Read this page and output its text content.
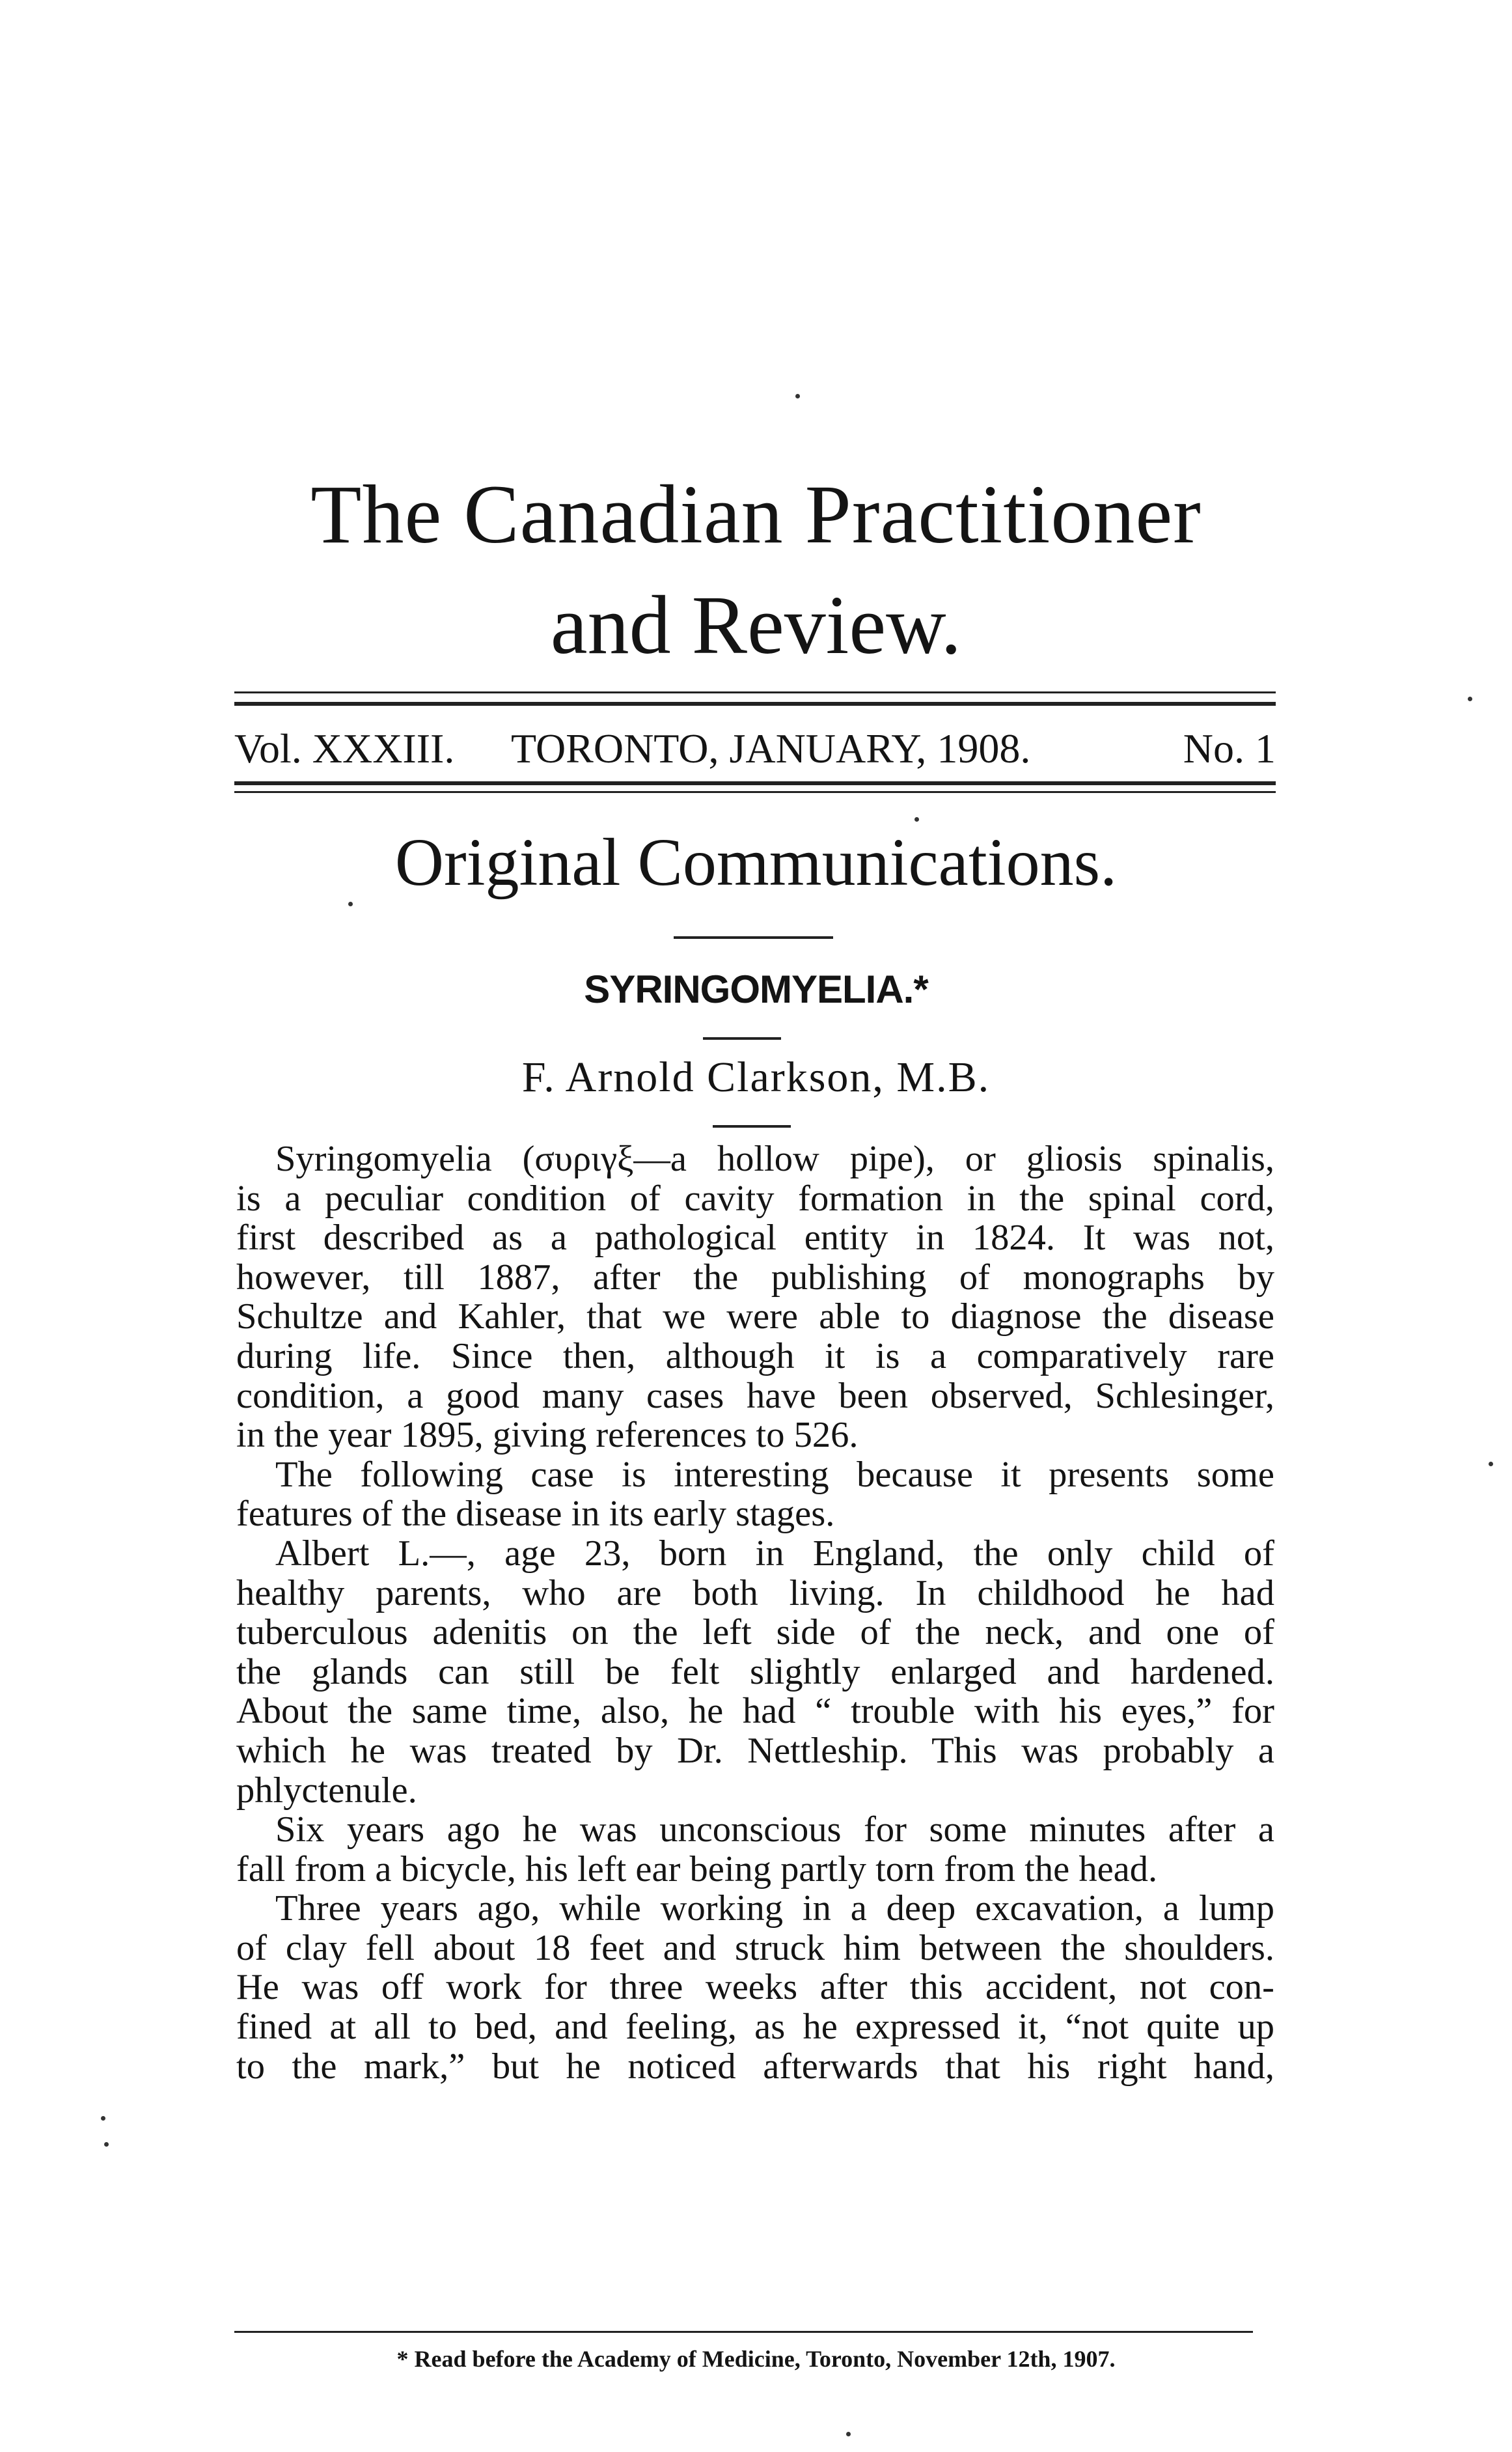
The Canadian Practitioner
and Review.
Vol. XXXIII. TORONTO, JANUARY, 1908.	No. 1
Original Communications.
SYRINGOMYELIA.*
F. Arnold Clarkson, M.B.
Syringomyelia (συριγξ—a hollow pipe), or gliosis spinalis,
is a peculiar condition of cavity formation in the spinal cord,
first described as a pathological entity in 1824. It was not,
however, till 1887, after the publishing of monographs by
Schultze and Kahler, that we were able to diagnose the disease
during life. Since then, although it is a comparatively rare
condition, a good many cases have been observed, Schlesinger,
in the year 1895, giving references to 526.
The following case is interesting because it presents some
features of the disease in its early stages.
Albert L.—, age 23, born in England, the only child of
healthy parents, who are both living. In childhood he had
tuberculous adenitis on the left side of the neck, and one of
the glands can still be felt slightly enlarged and hardened.
About the same time, also, he had “ trouble with his eyes,” for
which he was treated by Dr. Nettleship. This was probably a
phlyctenule.
Six years ago he was unconscious for some minutes after a
fall from a bicycle, his left ear being partly torn from the head.
Three years ago, while working in a deep excavation, a lump
of clay fell about 18 feet and struck him between the shoulders.
He was off work for three weeks after this accident, not con-
fined at all to bed, and feeling, as he expressed it, “not quite up
to the mark,” but he noticed afterwards that his right hand,
* Read before the Academy of Medicine, Toronto, November 12th, 1907.
